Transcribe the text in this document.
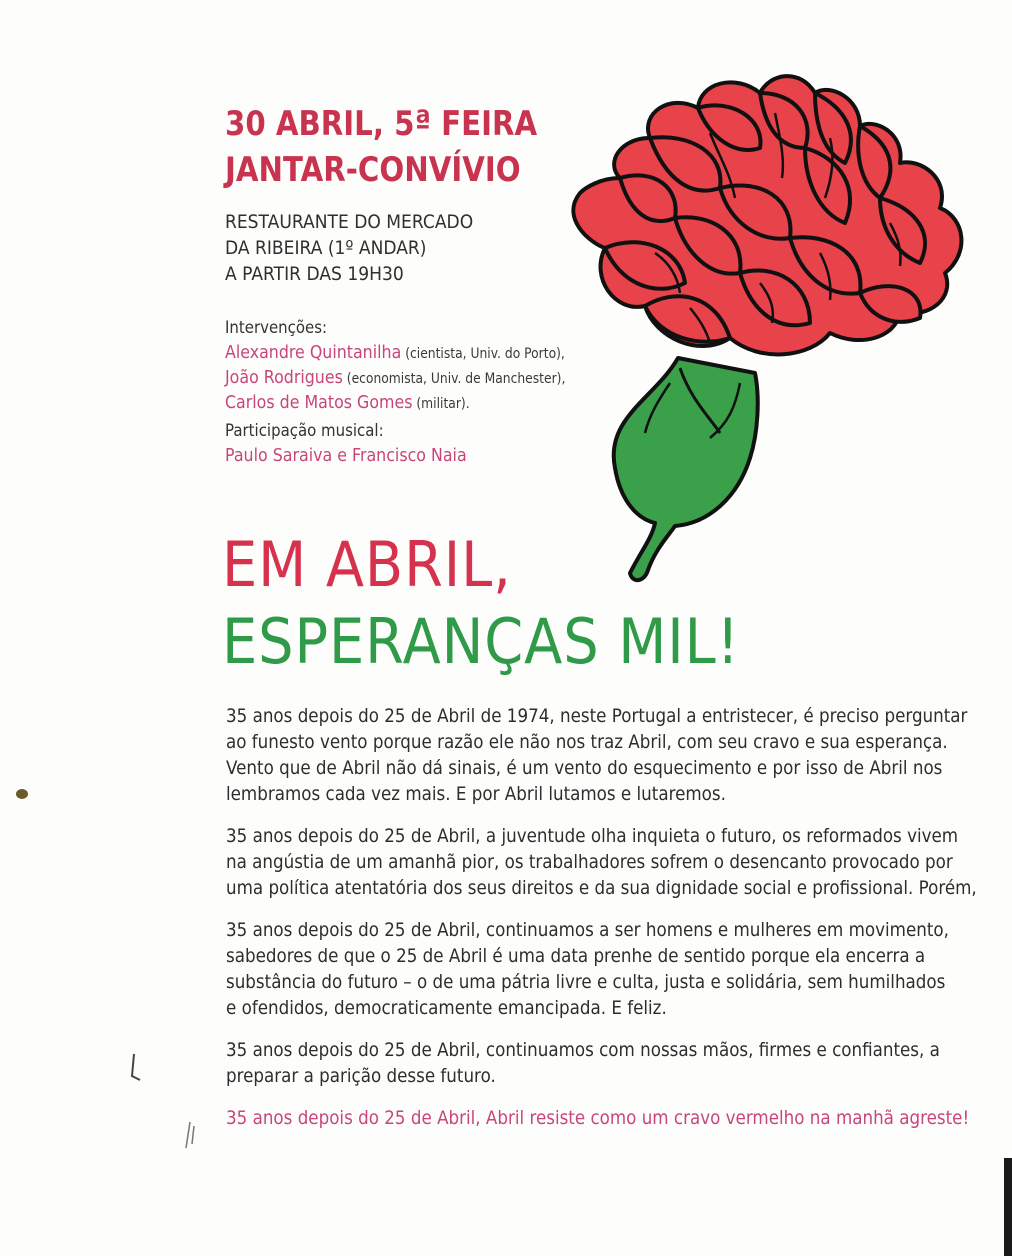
30 ABRIL, 5ª FEIRA
JANTAR-CONVÍVIO
RESTAURANTE DO MERCADO
DA RIBEIRA (1º ANDAR)
A PARTIR DAS 19H30
Intervenções:
Alexandre Quintanilha (cientista, Univ. do Porto),
João Rodrigues (economista, Univ. de Manchester),
Carlos de Matos Gomes (militar).
Participação musical:
Paulo Saraiva e Francisco Naia
EM ABRIL,
ESPERANÇAS MIL!

35 anos depois do 25 de Abril de 1974, neste Portugal a entristecer, é preciso perguntar
ao funesto vento porque razão ele não nos traz Abril, com seu cravo e sua esperança.
Vento que de Abril não dá sinais, é um vento do esquecimento e por isso de Abril nos
lembramos cada vez mais. E por Abril lutamos e lutaremos.

35 anos depois do 25 de Abril, a juventude olha inquieta o futuro, os reformados vivem
na angústia de um amanhã pior, os trabalhadores sofrem o desencanto provocado por
uma política atentatória dos seus direitos e da sua dignidade social e profissional. Porém,

35 anos depois do 25 de Abril, continuamos a ser homens e mulheres em movimento,
sabedores de que o 25 de Abril é uma data prenhe de sentido porque ela encerra a
substância do futuro – o de uma pátria livre e culta, justa e solidária, sem humilhados
e ofendidos, democraticamente emancipada. E feliz.

35 anos depois do 25 de Abril, continuamos com nossas mãos, firmes e confiantes, a
preparar a parição desse futuro.

35 anos depois do 25 de Abril, Abril resiste como um cravo vermelho na manhã agreste!
